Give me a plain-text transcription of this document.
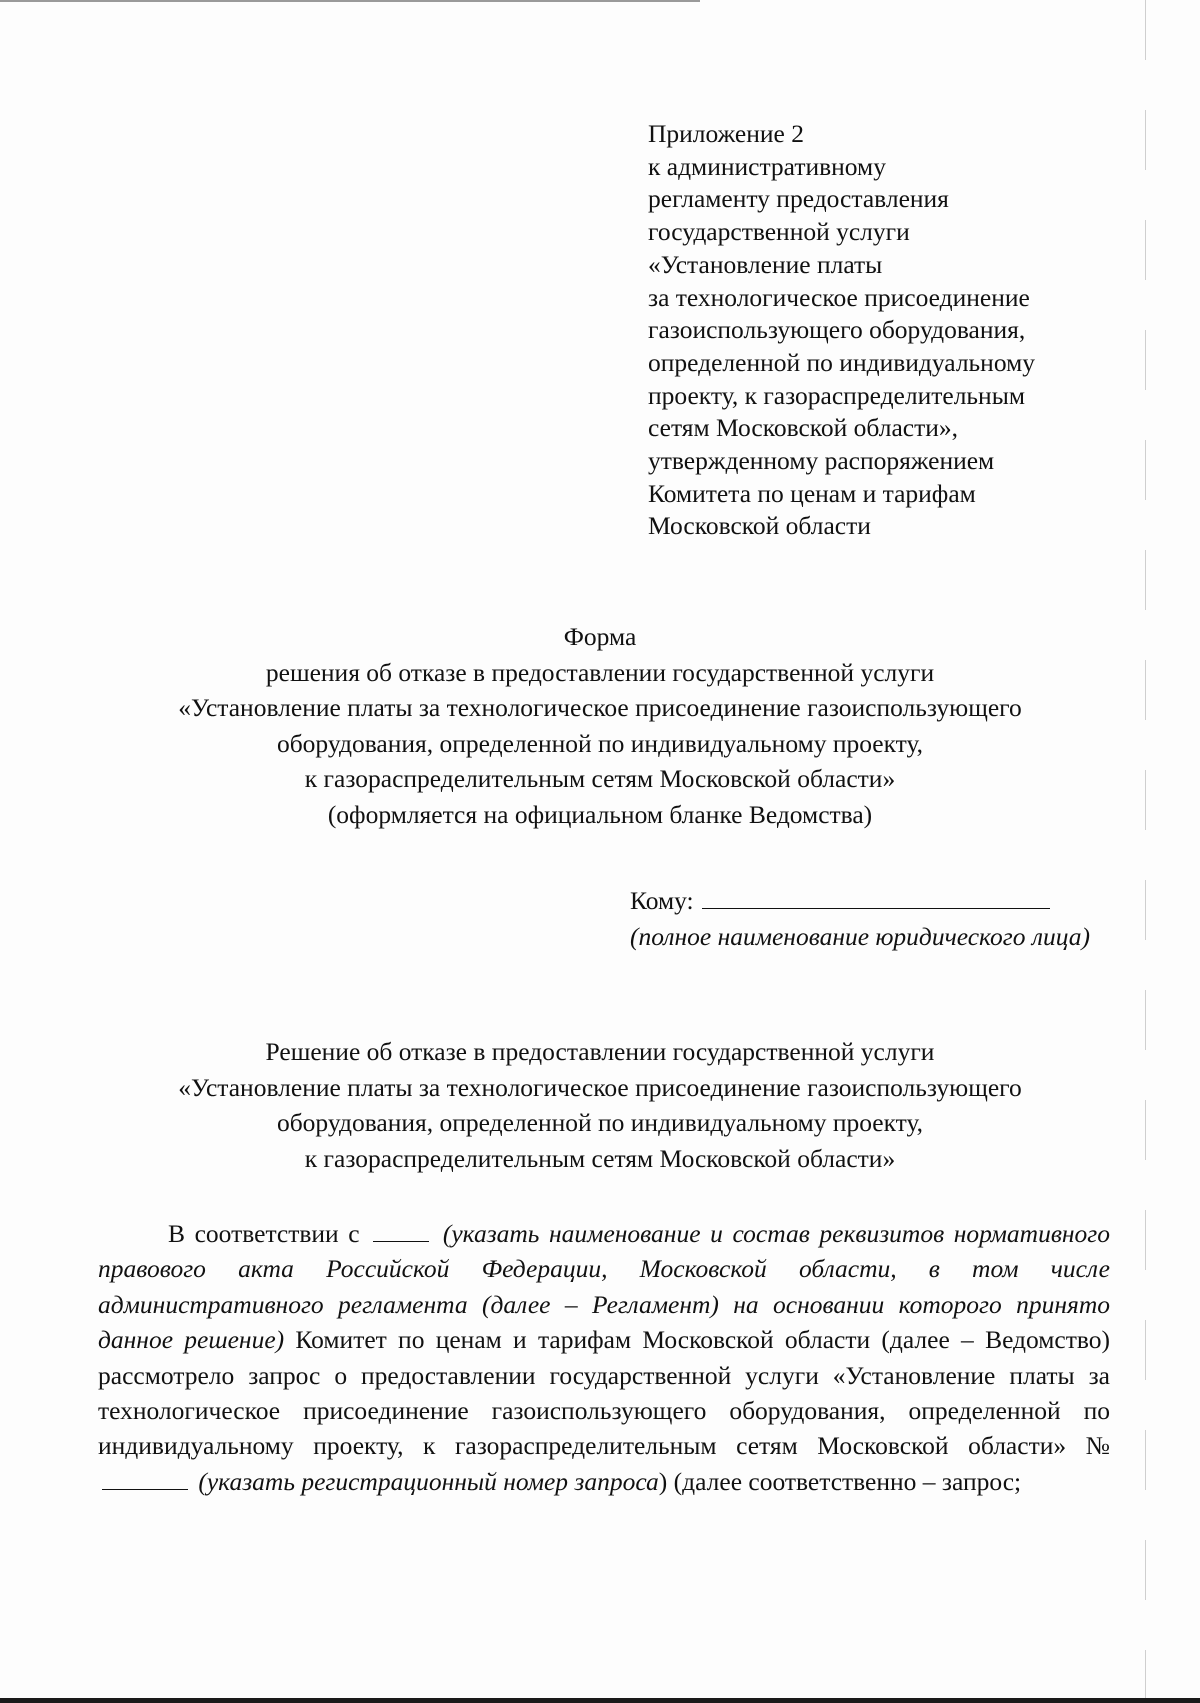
Приложение 2
к административному
регламенту предоставления
государственной услуги
«Установление платы
за технологическое присоединение
газоиспользующего оборудования,
определенной по индивидуальному
проекту, к газораспределительным
сетям Московской области»,
утвержденному распоряжением
Комитета по ценам и тарифам
Московской области
Форма
решения об отказе в предоставлении государственной услуги
«Установление платы за технологическое присоединение газоиспользующего
оборудования, определенной по индивидуальному проекту,
к газораспределительным сетям Московской области»
(оформляется на официальном бланке Ведомства)
Кому:
(полное наименование юридического лица)
Решение об отказе в предоставлении государственной услуги
«Установление платы за технологическое присоединение газоиспользующего
оборудования, определенной по индивидуальному проекту,
к газораспределительным сетям Московской области»

В соответствии с	(указать наименование и состав реквизитов нормативного правового акта Российской Федерации, Московской области, в том числе административного регламента (далее – Регламент) на основании которого принято данное решение) Комитет по ценам и тарифам Московской области (далее – Ведомство) рассмотрело запрос о предоставлении государственной услуги «Установление платы за технологическое присоединение газоиспользующего оборудования, определенной по индивидуальному проекту, к газораспределительным сетям Московской области» №  (указать регистрационный номер запроса) (далее соответственно – запрос;
